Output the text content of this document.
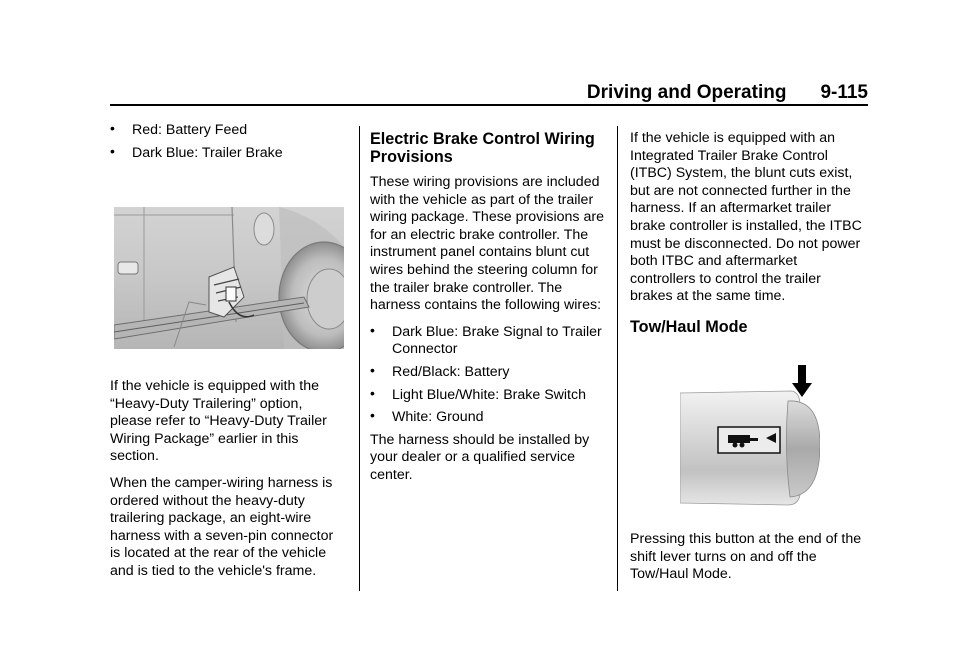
Driving and Operating 9-115
• Red: Battery Feed
• Dark Blue: Trailer Brake

If the vehicle is equipped with the “Heavy-Duty Trailering” option, please refer to “Heavy-Duty Trailer Wiring Package” earlier in this section.

When the camper-wiring harness is ordered without the heavy-duty trailering package, an eight-wire harness with a seven-pin connector is located at the rear of the vehicle and is tied to the vehicle's frame.

Electric Brake Control Wiring Provisions

These wiring provisions are included with the vehicle as part of the trailer wiring package. These provisions are for an electric brake controller. The instrument panel contains blunt cut wires behind the steering column for the trailer brake controller. The harness contains the following wires:

• Dark Blue: Brake Signal to Trailer Connector
• Red/Black: Battery
• Light Blue/White: Brake Switch
• White: Ground

The harness should be installed by your dealer or a qualified service center.

If the vehicle is equipped with an Integrated Trailer Brake Control (ITBC) System, the blunt cuts exist, but are not connected further in the harness. If an aftermarket trailer brake controller is installed, the ITBC must be disconnected. Do not power both ITBC and aftermarket controllers to control the trailer brakes at the same time.

Tow/Haul Mode

Pressing this button at the end of the shift lever turns on and off the Tow/Haul Mode.
